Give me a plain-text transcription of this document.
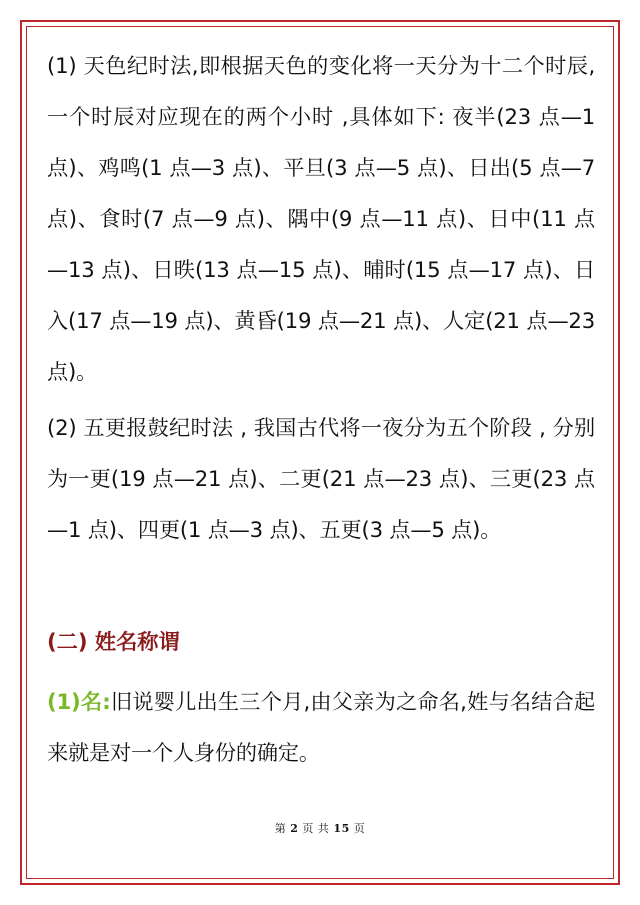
(1) 天色纪时法,即根据天色的变化将一天分为十二个时辰,一个时辰对应现在的两个小时 ,具体如下: 夜半(23 点—1 点)、鸡鸣(1 点—3 点)、平旦(3 点—5 点)、日出(5 点—7 点)、食时(7 点—9 点)、隅中(9 点—11 点)、日中(11 点—13 点)、日昳(13 点—15 点)、晡时(15 点—17 点)、日入(17 点—19 点)、黄昏(19 点—21 点)、人定(21 点—23 点)。

(2) 五更报鼓纪时法 , 我国古代将一夜分为五个阶段 , 分别为一更(19 点—21 点)、二更(21 点—23 点)、三更(23 点—1 点)、四更(1 点—3 点)、五更(3 点—5 点)。

(二) 姓名称谓

(1)名:旧说婴儿出生三个月,由父亲为之命名,姓与名结合起来就是对一个人身份的确定。

第 2 页 共 15 页
